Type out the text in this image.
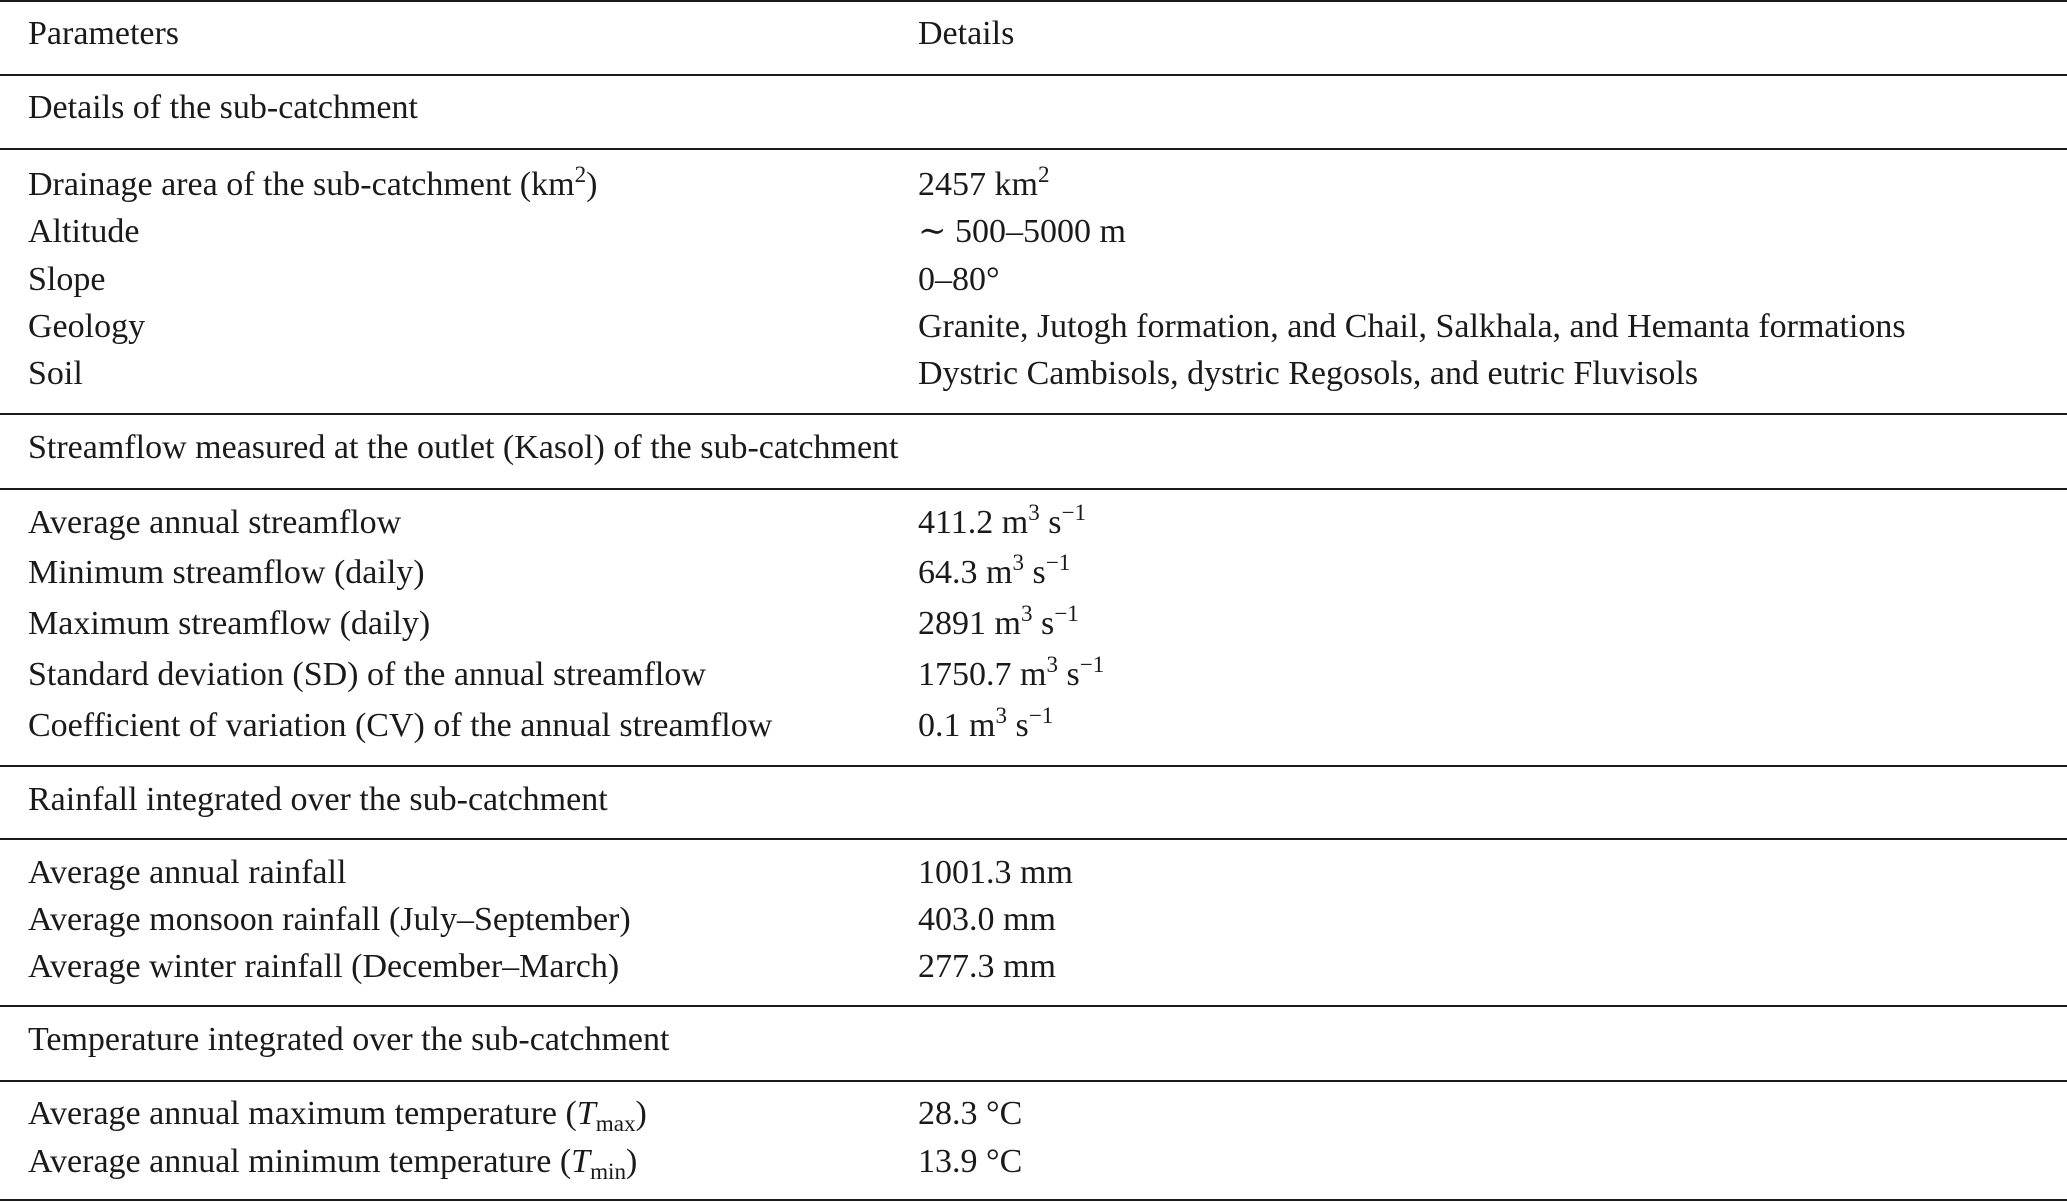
Parameters	Details
Details of the sub-catchment
Drainage area of the sub-catchment $(km^2)$	2457 $km^2$
Altitude	∼ 500–5000 m
Slope	0–80°
Geology	Granite, Jutogh formation, and Chail, Salkhala, and Hemanta formations
Soil	Dystric Cambisols, dystric Regosols, and eutric Fluvisols
Streamflow measured at the outlet (Kasol) of the sub-catchment
Average annual streamflow	411.2 $m^3$ $s^{-1}$
Minimum streamflow (daily)	64.3 $m^3$ $s^{-1}$
Maximum streamflow (daily)	2891 $m^3$ $s^{-1}$
Standard deviation (SD) of the annual streamflow	1750.7 $m^3$ $s^{-1}$
Coefficient of variation (CV) of the annual streamflow	0.1 $m^3$ $s^{-1}$
Rainfall integrated over the sub-catchment
Average annual rainfall	1001.3 mm
Average monsoon rainfall (July–September)	403.0 mm
Average winter rainfall (December–March)	277.3 mm
Temperature integrated over the sub-catchment
Average annual maximum temperature $(T_{max})$	28.3 °C
Average annual minimum temperature $(T_{min})$	13.9 °C
